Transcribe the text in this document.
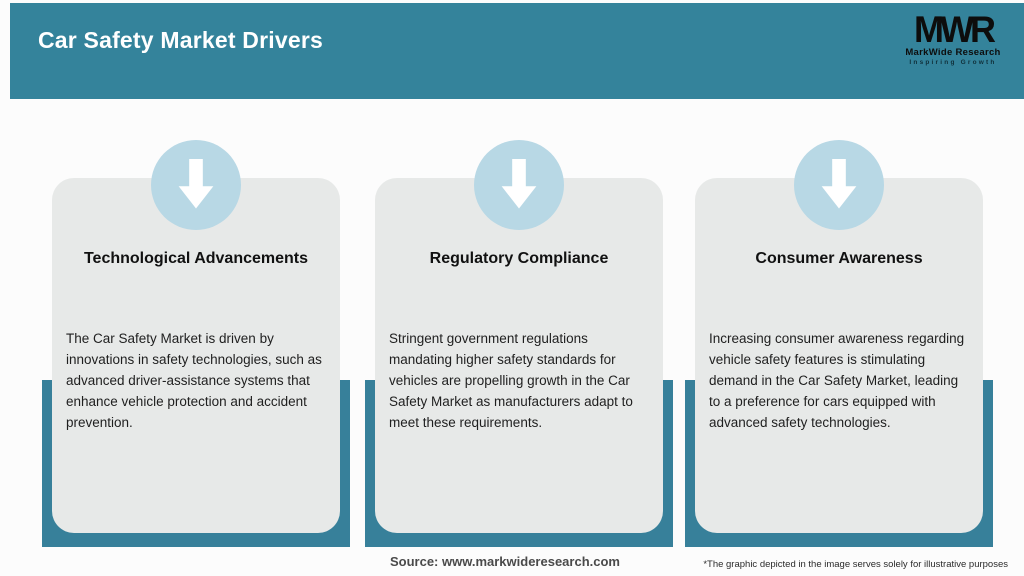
Car Safety Market Drivers	MWR
MarkWide Research
Inspiring Growth
Technological Advancements
The Car Safety Market is driven by innovations in safety technologies, such as advanced driver-assistance systems that enhance vehicle protection and accident prevention.
Regulatory Compliance
Stringent government regulations mandating higher safety standards for vehicles are propelling growth in the Car Safety Market as manufacturers adapt to meet these requirements.
Consumer Awareness
Increasing consumer awareness regarding vehicle safety features is stimulating demand in the Car Safety Market, leading to a preference for cars equipped with advanced safety technologies.
Source: www.markwideresearch.com	*The graphic depicted in the image serves solely for illustrative purposes
